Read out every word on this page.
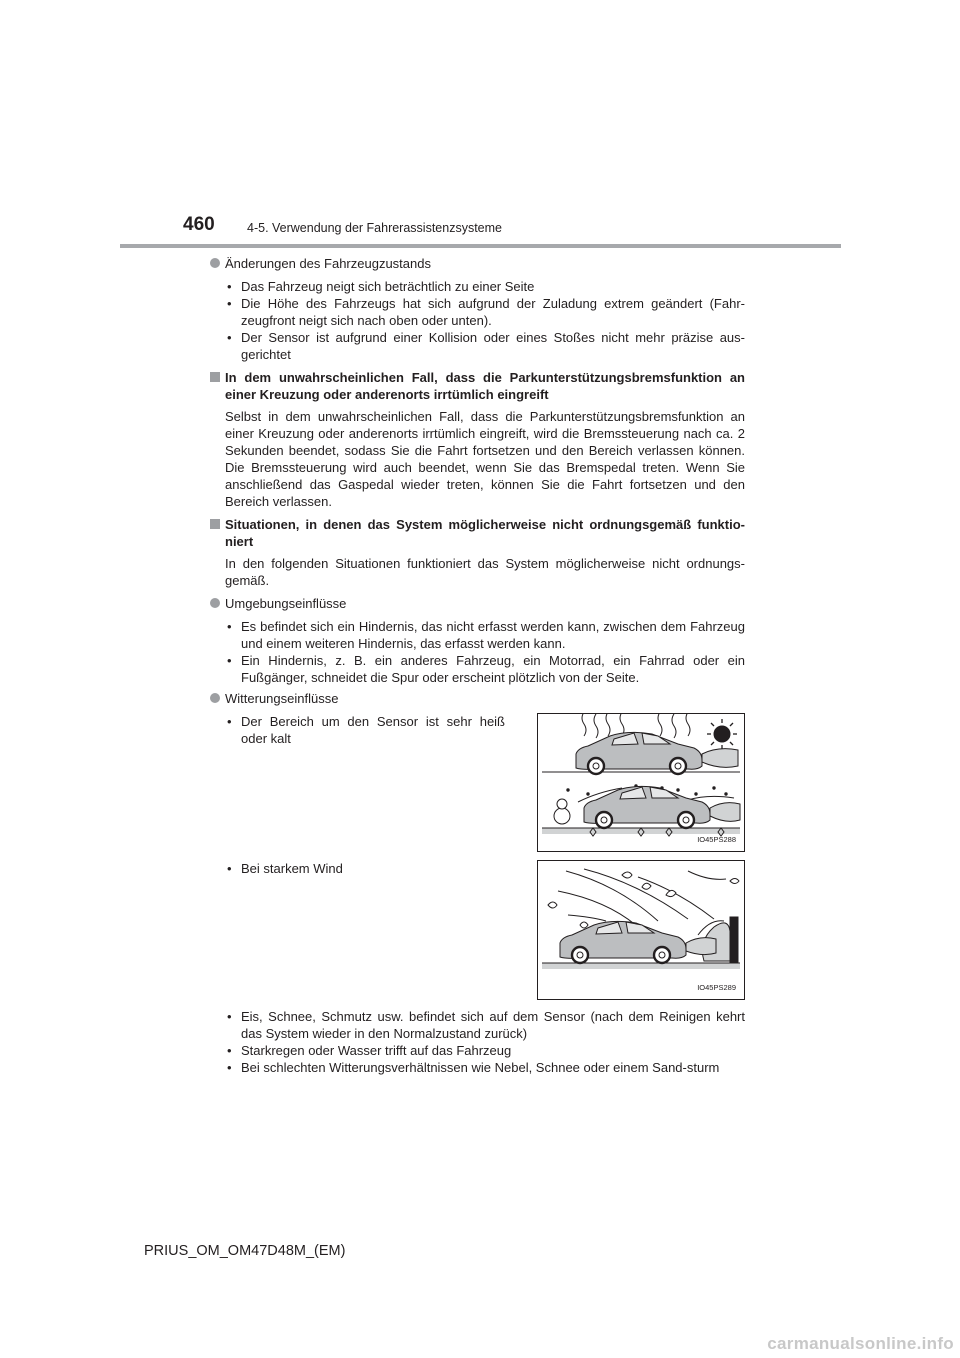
460	4-5. Verwendung der Fahrerassistenzsysteme
Änderungen des Fahrzeugzustands
• Das Fahrzeug neigt sich beträchtlich zu einer Seite
• Die Höhe des Fahrzeugs hat sich aufgrund der Zuladung extrem geändert (Fahr-zeugfront neigt sich nach oben oder unten).
• Der Sensor ist aufgrund einer Kollision oder eines Stoßes nicht mehr präzise aus-gerichtet
In dem unwahrscheinlichen Fall, dass die Parkunterstützungsbremsfunktion an einer Kreuzung oder anderenorts irrtümlich eingreift
Selbst in dem unwahrscheinlichen Fall, dass die Parkunterstützungsbremsfunktion an einer Kreuzung oder anderenorts irrtümlich eingreift, wird die Bremssteuerung nach ca. 2 Sekunden beendet, sodass Sie die Fahrt fortsetzen und den Bereich verlassen können. Die Bremssteuerung wird auch beendet, wenn Sie das Bremspedal treten. Wenn Sie anschließend das Gaspedal wieder treten, können Sie die Fahrt fortsetzen und den Bereich verlassen.
Situationen, in denen das System möglicherweise nicht ordnungsgemäß funktio-niert
In den folgenden Situationen funktioniert das System möglicherweise nicht ordnungs-gemäß.
Umgebungseinflüsse
• Es befindet sich ein Hindernis, das nicht erfasst werden kann, zwischen dem Fahrzeug und einem weiteren Hindernis, das erfasst werden kann.
• Ein Hindernis, z. B. ein anderes Fahrzeug, ein Motorrad, ein Fahrrad oder ein Fußgänger, schneidet die Spur oder erscheint plötzlich von der Seite.
Witterungseinflüsse
• Der Bereich um den Sensor ist sehr heiß oder kalt
IO45PS288
• Bei starkem Wind
IO45PS289
• Eis, Schnee, Schmutz usw. befindet sich auf dem Sensor (nach dem Reinigen kehrt das System wieder in den Normalzustand zurück)
• Starkregen oder Wasser trifft auf das Fahrzeug
• Bei schlechten Witterungsverhältnissen wie Nebel, Schnee oder einem Sand-sturm
PRIUS_OM_OM47D48M_(EM)
carmanualsonline.info
